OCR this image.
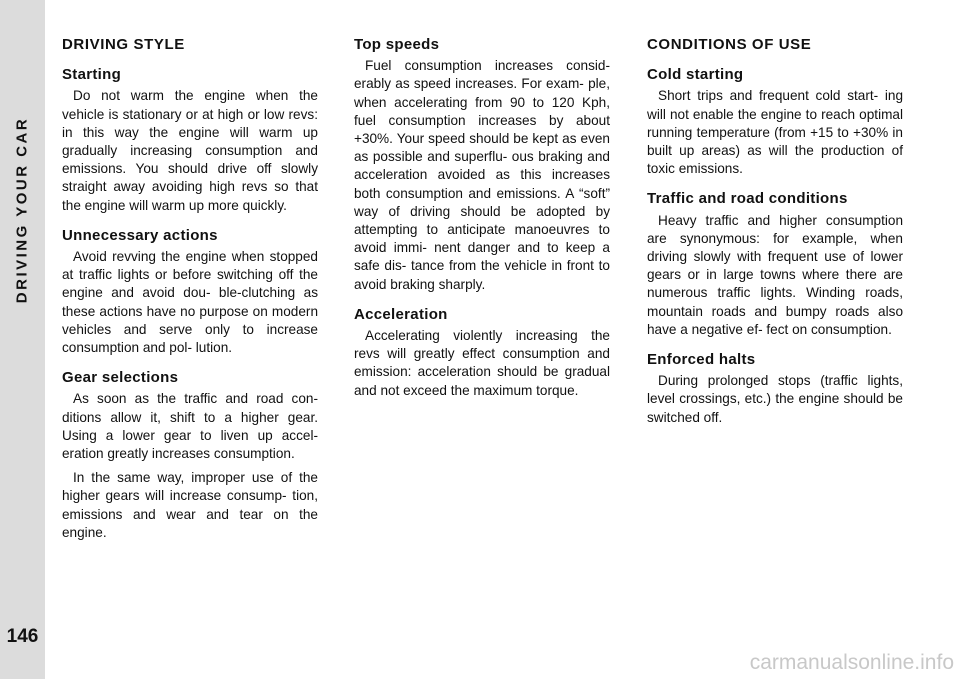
DRIVING YOUR CAR
146
DRIVING STYLE
Starting

Do not warm the engine when the vehicle is stationary or at high or low revs: in this way the engine will warm up gradually increasing consumption and emissions. You should drive off slowly straight away avoiding high revs so that the engine will warm up more quickly.

Unnecessary actions

Avoid revving the engine when stopped at traffic lights or before switching off the engine and avoid dou- ble-clutching as these actions have no purpose on modern vehicles and serve only to increase consumption and pol- lution.

Gear selections

As soon as the traffic and road con- ditions allow it, shift to a higher gear. Using a lower gear to liven up accel- eration greatly increases consumption.

In the same way, improper use of the higher gears will increase consump- tion, emissions and wear and tear on the engine.

Top speeds

Fuel consumption increases consid- erably as speed increases. For exam- ple, when accelerating from 90 to 120 Kph, fuel consumption increases by about +30%. Your speed should be kept as even as possible and superflu- ous braking and acceleration avoided as this increases both consumption and emissions. A “soft” way of driving should be adopted by attempting to anticipate manoeuvres to avoid immi- nent danger and to keep a safe dis- tance from the vehicle in front to avoid braking sharply.

Acceleration

Accelerating violently increasing the revs will greatly effect consumption and emission: acceleration should be gradual and not exceed the maximum torque.

CONDITIONS OF USE
Cold starting

Short trips and frequent cold start- ing will not enable the engine to reach optimal running temperature (from +15 to +30% in built up areas) as will the production of toxic emissions.

Traffic and road conditions

Heavy traffic and higher consumption are synonymous: for example, when driving slowly with frequent use of lower gears or in large towns where there are numerous traffic lights. Winding roads, mountain roads and bumpy roads also have a negative ef- fect on consumption.

Enforced halts

During prolonged stops (traffic lights, level crossings, etc.) the engine should be switched off.

carmanualsonline.info
